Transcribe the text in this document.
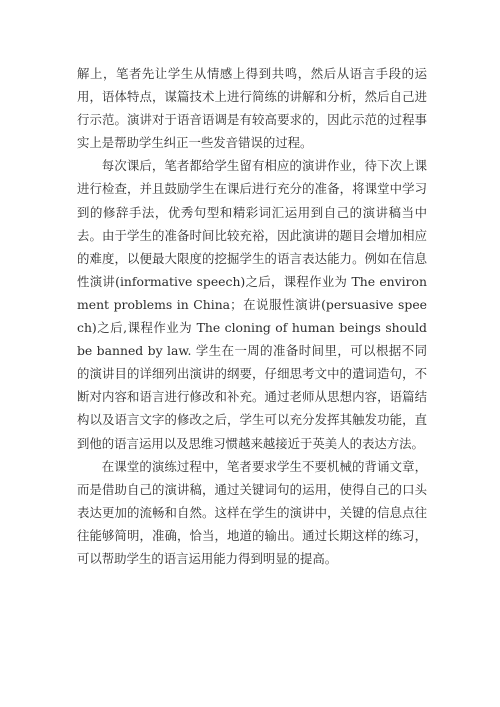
解上，笔者先让学生从情感上得到共鸣，然后从语言手段的运用，语体特点，谋篇技术上进行简练的讲解和分析，然后自己进行示范。演讲对于语音语调是有较高要求的，因此示范的过程事实上是帮助学生纠正一些发音错误的过程。

每次课后，笔者都给学生留有相应的演讲作业，待下次上课进行检查，并且鼓励学生在课后进行充分的准备，将课堂中学习到的修辞手法，优秀句型和精彩词汇运用到自己的演讲稿当中去。由于学生的准备时间比较充裕，因此演讲的题目会增加相应的难度，以便最大限度的挖掘学生的语言表达能力。例如在信息性演讲(informative speech)之后，课程作业为 The environment problems in China；在说服性演讲(persuasive speech)之后,课程作业为 The cloning of human beings should be banned by law. 学生在一周的准备时间里，可以根据不同的演讲目的详细列出演讲的纲要，仔细思考文中的遣词造句，不断对内容和语言进行修改和补充。通过老师从思想内容，语篇结构以及语言文字的修改之后，学生可以充分发挥其触发功能，直到他的语言运用以及思维习惯越来越接近于英美人的表达方法。

在课堂的演练过程中，笔者要求学生不要机械的背诵文章，而是借助自己的演讲稿，通过关键词句的运用，使得自己的口头表达更加的流畅和自然。这样在学生的演讲中，关键的信息点往往能够简明，准确，恰当，地道的输出。通过长期这样的练习，可以帮助学生的语言运用能力得到明显的提高。
